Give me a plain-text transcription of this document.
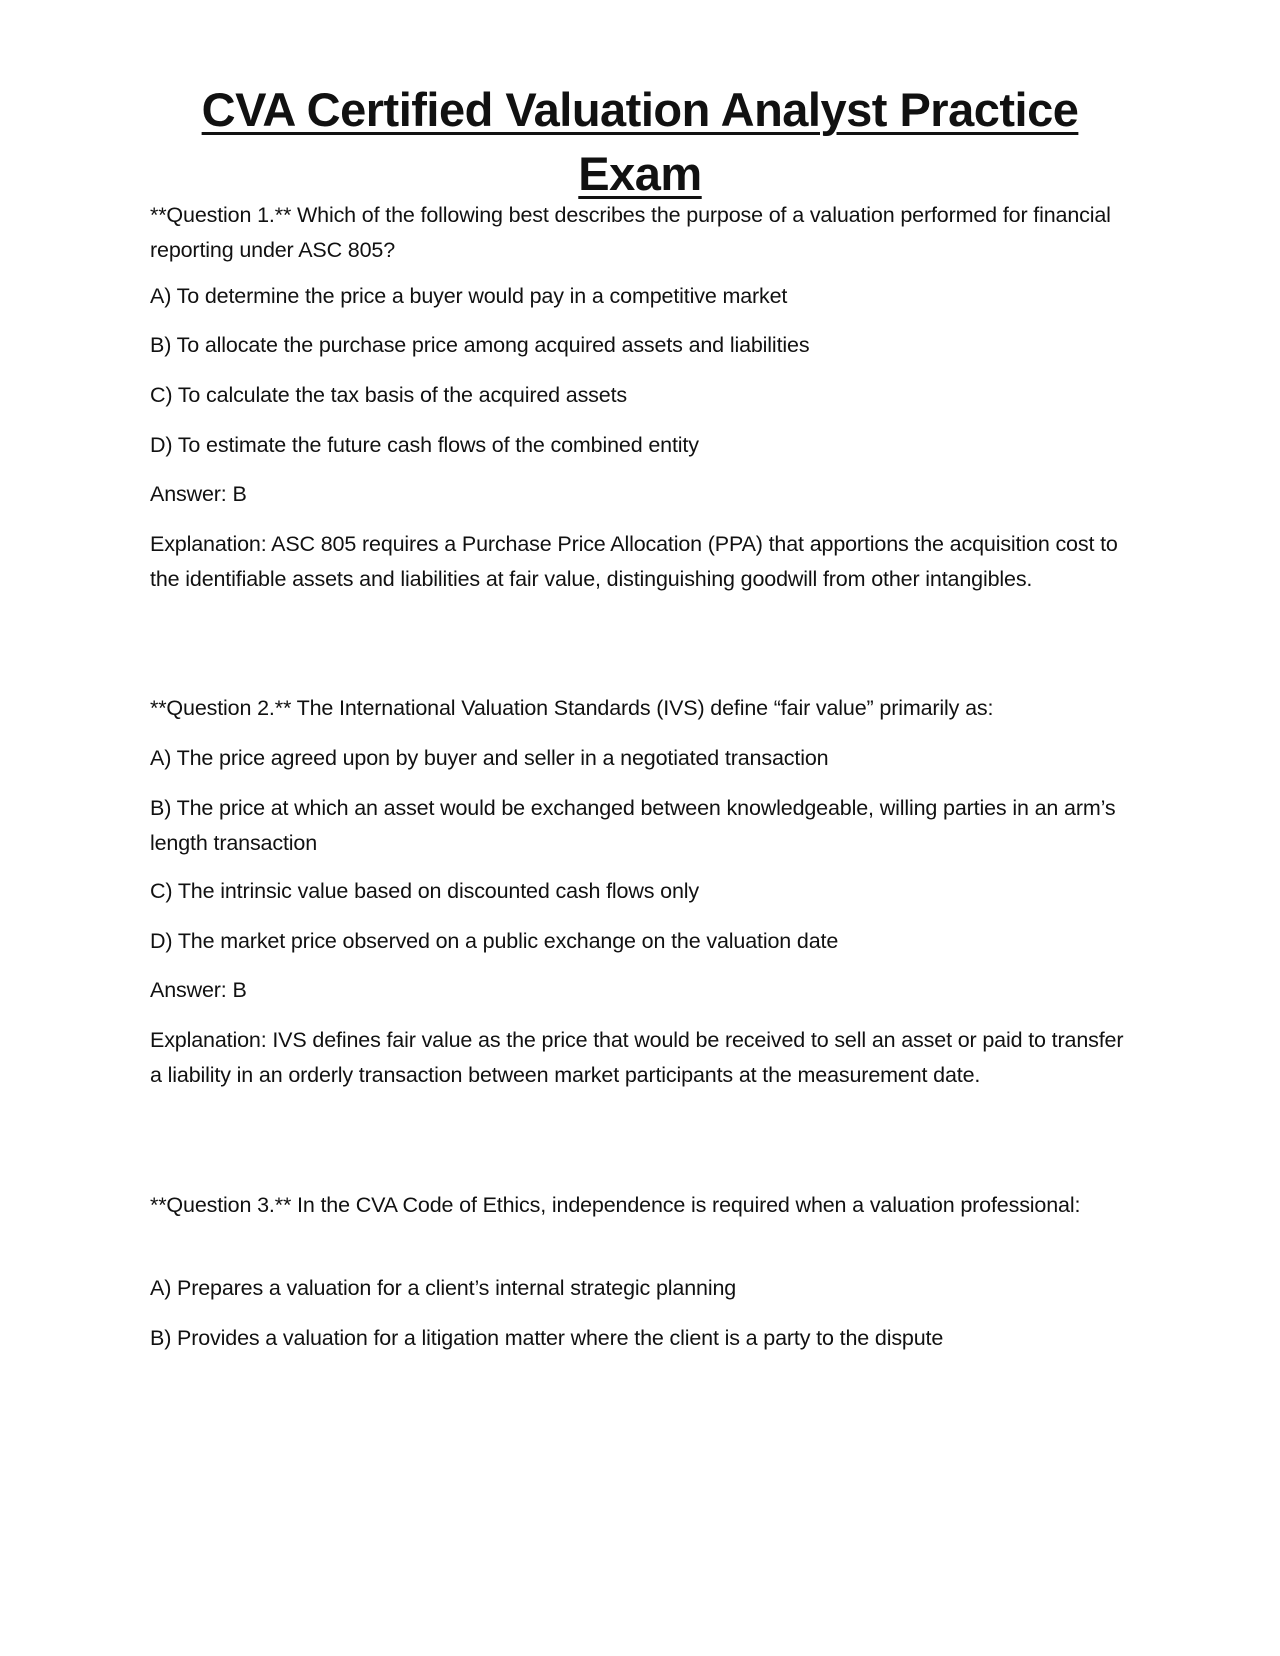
CVA Certified Valuation Analyst Practice Exam

**Question 1.** Which of the following best describes the purpose of a valuation performed for financial reporting under ASC 805?

A) To determine the price a buyer would pay in a competitive market

B) To allocate the purchase price among acquired assets and liabilities

C) To calculate the tax basis of the acquired assets

D) To estimate the future cash flows of the combined entity

Answer: B

Explanation: ASC 805 requires a Purchase Price Allocation (PPA) that apportions the acquisition cost to the identifiable assets and liabilities at fair value, distinguishing goodwill from other intangibles.

**Question 2.** The International Valuation Standards (IVS) define “fair value” primarily as:

A) The price agreed upon by buyer and seller in a negotiated transaction

B) The price at which an asset would be exchanged between knowledgeable, willing parties in an arm’s length transaction

C) The intrinsic value based on discounted cash flows only

D) The market price observed on a public exchange on the valuation date

Answer: B

Explanation: IVS defines fair value as the price that would be received to sell an asset or paid to transfer a liability in an orderly transaction between market participants at the measurement date.

**Question 3.** In the CVA Code of Ethics, independence is required when a valuation professional:

A) Prepares a valuation for a client’s internal strategic planning

B) Provides a valuation for a litigation matter where the client is a party to the dispute
